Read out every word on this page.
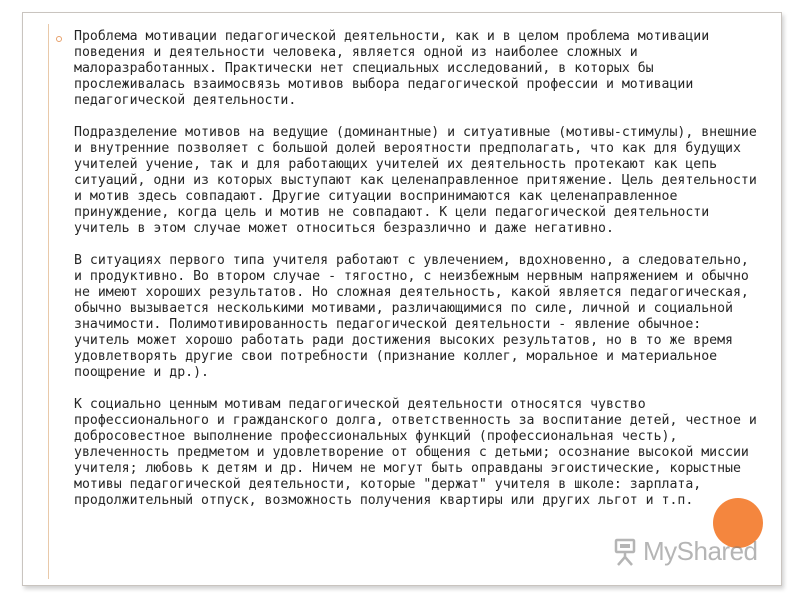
Проблема мотивации педагогической деятельности, как и в целом проблема мотивации поведения и деятельности человека, является одной из наиболее сложных и малоразработанных. Практически нет специальных исследований, в которых бы прослеживалась взаимосвязь мотивов выбора педагогической профессии и мотивации педагогической деятельности.

Подразделение мотивов на ведущие (доминантные) и ситуативные (мотивы-стимулы), внешние и внутренние позволяет с большой долей вероятности предполагать, что как для будущих учителей учение, так и для работающих учителей их деятельность протекают как цепь ситуаций, одни из которых выступают как целенаправленное притяжение. Цель деятельности и мотив здесь совпадают. Другие ситуации воспринимаются как целенаправленное принуждение, когда цель и мотив не совпадают. К цели педагогической деятельности учитель в этом случае может относиться безразлично и даже негативно.

В ситуациях первого типа учителя работают с увлечением, вдохновенно, а следовательно, и продуктивно. Во втором случае - тягостно, с неизбежным нервным напряжением и обычно не имеют хороших результатов. Но сложная деятельность, какой является педагогическая, обычно вызывается несколькими мотивами, различающимися по силе, личной и социальной значимости. Полимотивированность педагогической деятельности - явление обычное: учитель может хорошо работать ради достижения высоких результатов, но в то же время удовлетворять другие свои потребности (признание коллег, моральное и материальное поощрение и др.).

К социально ценным мотивам педагогической деятельности относятся чувство профессионального и гражданского долга, ответственность за воспитание детей, честное и добросовестное выполнение профессиональных функций (профессиональная честь), увлеченность предметом и удовлетворение от общения с детьми; осознание высокой миссии учителя; любовь к детям и др. Ничем не могут быть оправданы эгоистические, корыстные мотивы педагогической деятельности, которые "держат" учителя в школе: зарплата, продолжительный отпуск, возможность получения квартиры или других льгот и т.п.

MyShared
